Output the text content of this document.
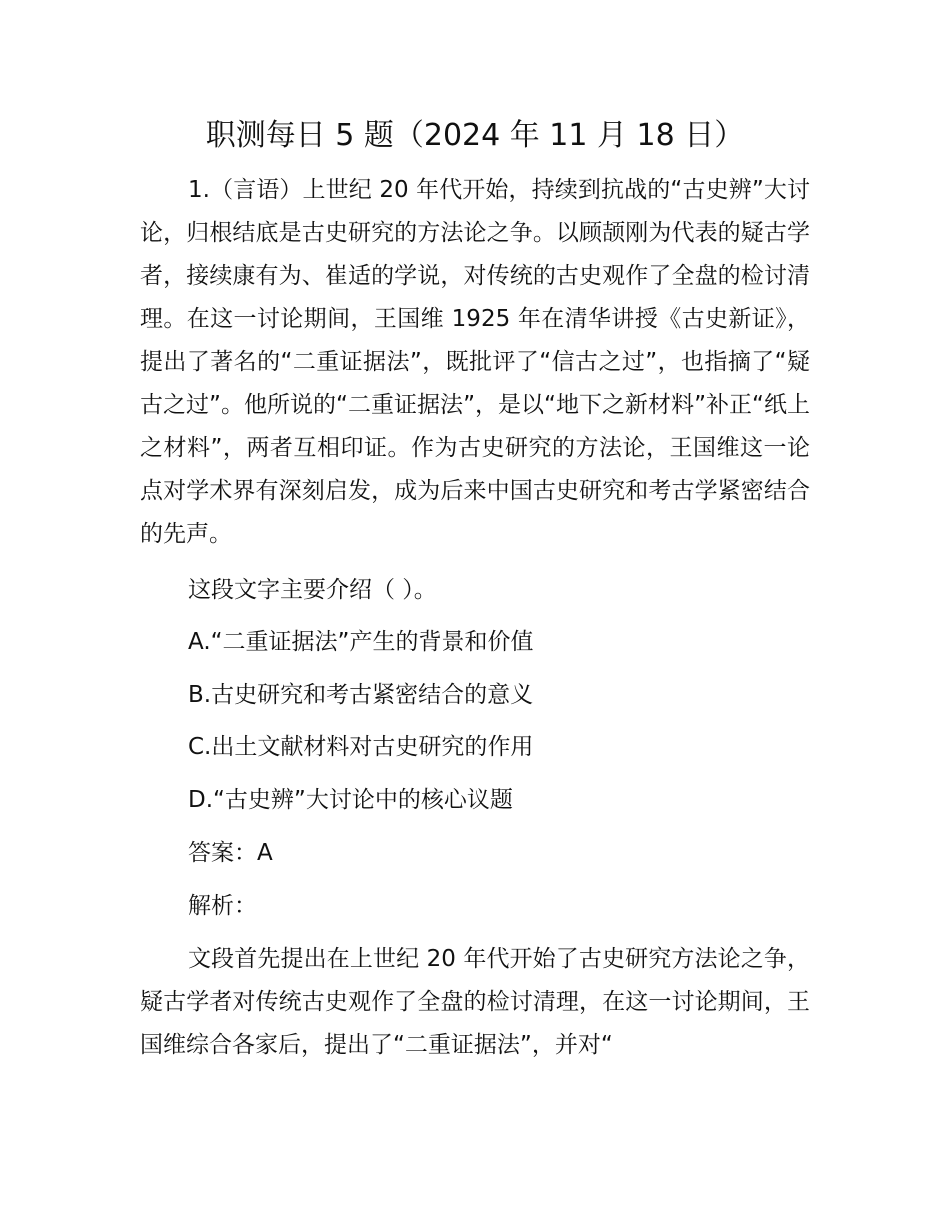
职测每日 5 题（2024 年 11 月 18 日）

1.（言语）上世纪 20 年代开始，持续到抗战的“古史辨”大讨论，归根结底是古史研究的方法论之争。以顾颉刚为代表的疑古学者，接续康有为、崔适的学说，对传统的古史观作了全盘的检讨清理。在这一讨论期间，王国维 1925 年在清华讲授《古史新证》，提出了著名的“二重证据法”，既批评了“信古之过”，也指摘了“疑古之过”。他所说的“二重证据法”，是以“地下之新材料”补正“纸上之材料”，两者互相印证。作为古史研究的方法论，王国维这一论点对学术界有深刻启发，成为后来中国古史研究和考古学紧密结合的先声。

这段文字主要介绍（ ）。

A.“二重证据法”产生的背景和价值

B.古史研究和考古紧密结合的意义

C.出土文献材料对古史研究的作用

D.“古史辨”大讨论中的核心议题

答案：A

解析：

文段首先提出在上世纪 20 年代开始了古史研究方法论之争，疑古学者对传统古史观作了全盘的检讨清理，在这一讨论期间，王国维综合各家后，提出了“二重证据法”，并对“
